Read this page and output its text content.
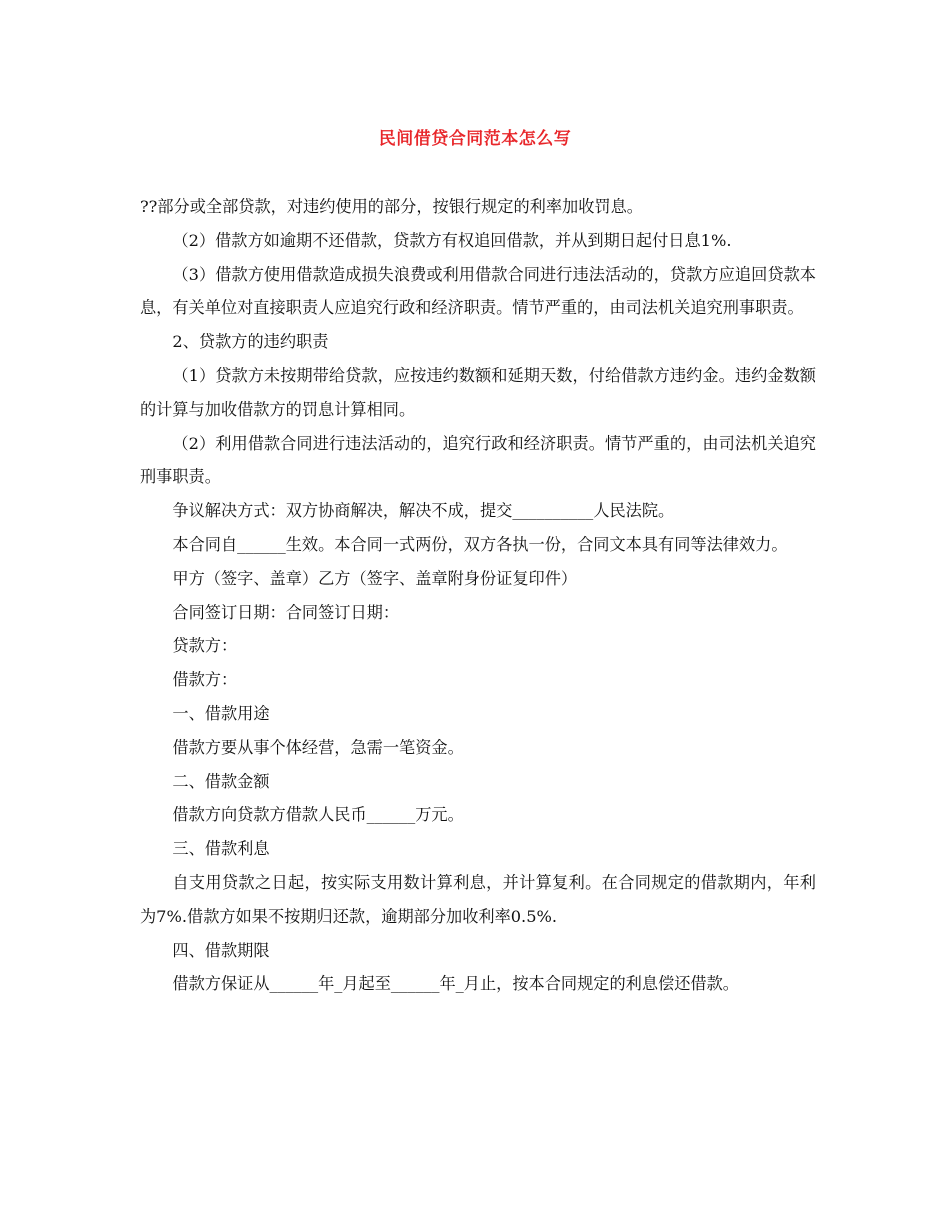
民间借贷合同范本怎么写

??部分或全部贷款，对违约使用的部分，按银行规定的利率加收罚息。

（2）借款方如逾期不还借款，贷款方有权追回借款，并从到期日起付日息1%.

（3）借款方使用借款造成损失浪费或利用借款合同进行违法活动的，贷款方应追回贷款本息，有关单位对直接职责人应追究行政和经济职责。情节严重的，由司法机关追究刑事职责。

2、贷款方的违约职责

（1）贷款方未按期带给贷款，应按违约数额和延期天数，付给借款方违约金。违约金数额的计算与加收借款方的罚息计算相同。

（2）利用借款合同进行违法活动的，追究行政和经济职责。情节严重的，由司法机关追究刑事职责。

争议解决方式：双方协商解决，解决不成，提交__________人民法院。

本合同自______生效。本合同一式两份，双方各执一份，合同文本具有同等法律效力。

甲方（签字、盖章）乙方（签字、盖章附身份证复印件）

合同签订日期：合同签订日期：

贷款方：

借款方：

一、借款用途

借款方要从事个体经营，急需一笔资金。

二、借款金额

借款方向贷款方借款人民币______万元。

三、借款利息

自支用贷款之日起，按实际支用数计算利息，并计算复利。在合同规定的借款期内，年利为7%.借款方如果不按期归还款，逾期部分加收利率0.5%.

四、借款期限

借款方保证从______年_月起至______年_月止，按本合同规定的利息偿还借款。
